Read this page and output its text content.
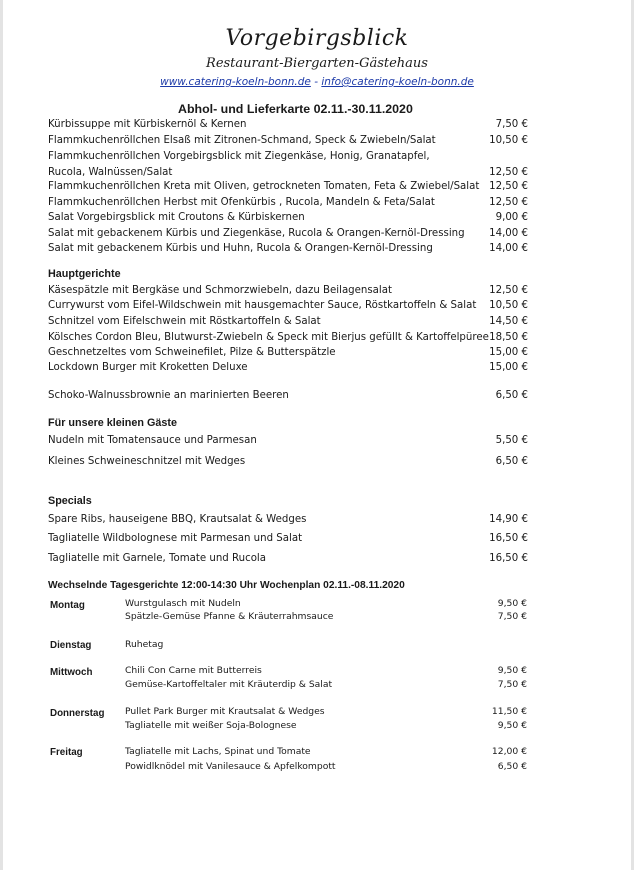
Vorgebirgsblick
Restaurant-Biergarten-Gästehaus
www.catering-koeln-bonn.de - info@catering-koeln-bonn.de
Abhol- und Lieferkarte 02.11.-30.11.2020
Kürbissuppe mit Kürbiskernöl & Kernen	7,50 €
Flammkuchenröllchen Elsaß mit Zitronen-Schmand, Speck & Zwiebeln/Salat	10,50 €
Flammkuchenröllchen Vorgebirgsblick mit Ziegenkäse, Honig, Granatapfel,
Rucola, Walnüssen/Salat	12,50 €
Flammkuchenröllchen Kreta mit Oliven, getrockneten Tomaten, Feta & Zwiebel/Salat 12,50 €
Flammkuchenröllchen Herbst mit Ofenkürbis , Rucola, Mandeln & Feta/Salat	12,50 €
Salat Vorgebirgsblick mit Croutons & Kürbiskernen	9,00 €
Salat mit gebackenem Kürbis und Ziegenkäse, Rucola & Orangen-Kernöl-Dressing 14,00 €
Salat mit gebackenem Kürbis und Huhn, Rucola & Orangen-Kernöl-Dressing	14,00 €
Hauptgerichte
Käsespätzle mit Bergkäse und Schmorzwiebeln, dazu Beilagensalat	12,50 €
Currywurst vom Eifel-Wildschwein mit hausgemachter Sauce, Röstkartoffeln & Salat 10,50 €
Schnitzel vom Eifelschwein mit Röstkartoffeln & Salat	14,50 €
Kölsches Cordon Bleu, Blutwurst-Zwiebeln & Speck mit Bierjus gefüllt & Kartoffelpüree 18,50 €
Geschnetzeltes vom Schweinefilet, Pilze & Butterspätzle	15,00 €
Lockdown Burger mit Kroketten Deluxe	15,00 €
Schoko-Walnussbrownie an marinierten Beeren	6,50 €
Für unsere kleinen Gäste
Nudeln mit Tomatensauce und Parmesan	5,50 €
Kleines Schweineschnitzel mit Wedges	6,50 €
Specials
Spare Ribs, hauseigene BBQ, Krautsalat & Wedges	14,90 €
Tagliatelle Wildbolognese mit Parmesan und Salat	16,50 €
Tagliatelle mit Garnele, Tomate und Rucola	16,50 €
Wechselnde Tagesgerichte 12:00-14:30 Uhr Wochenplan 02.11.-08.11.2020
Montag	Wurstgulasch mit Nudeln	9,50 €
Spätzle-Gemüse Pfanne & Kräuterrahmsauce	7,50 €
Dienstag	Ruhetag
Mittwoch	Chili Con Carne mit Butterreis	9,50 €
Gemüse-Kartoffeltaler mit Kräuterdip & Salat	7,50 €
Donnerstag Pullet Park Burger mit Krautsalat & Wedges	11,50 €
Tagliatelle mit weißer Soja-Bolognese	9,50 €
Freitag	Tagliatelle mit Lachs, Spinat und Tomate	12,00 €
Powidlknödel mit Vanilesauce & Apfelkompott	6,50 €
